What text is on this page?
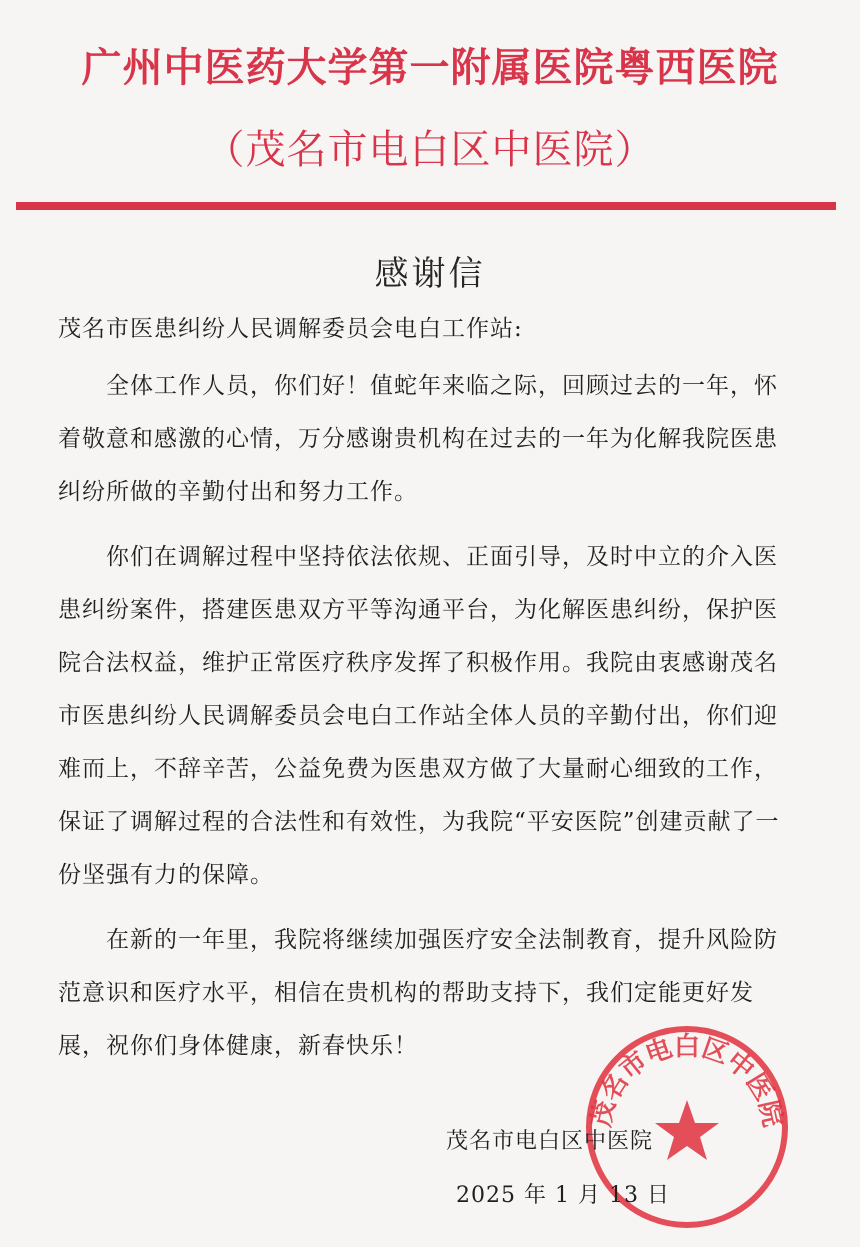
广州中医药大学第一附属医院粤西医院
（茂名市电白区中医院）
感谢信
茂名市医患纠纷人民调解委员会电白工作站:

全体工作人员，你们好！值蛇年来临之际，回顾过去的一年，怀着敬意和感激的心情，万分感谢贵机构在过去的一年为化解我院医患纠纷所做的辛勤付出和努力工作。

你们在调解过程中坚持依法依规、正面引导，及时中立的介入医患纠纷案件，搭建医患双方平等沟通平台，为化解医患纠纷，保护医院合法权益，维护正常医疗秩序发挥了积极作用。我院由衷感谢茂名市医患纠纷人民调解委员会电白工作站全体人员的辛勤付出，你们迎难而上，不辞辛苦，公益免费为医患双方做了大量耐心细致的工作，保证了调解过程的合法性和有效性，为我院“平安医院”创建贡献了一份坚强有力的保障。

在新的一年里，我院将继续加强医疗安全法制教育，提升风险防范意识和医疗水平，相信在贵机构的帮助支持下，我们定能更好发展，祝你们身体健康，新春快乐！

茂名市电白区中医院
茂名市电白区中医院
2025 年 1 月 13 日
